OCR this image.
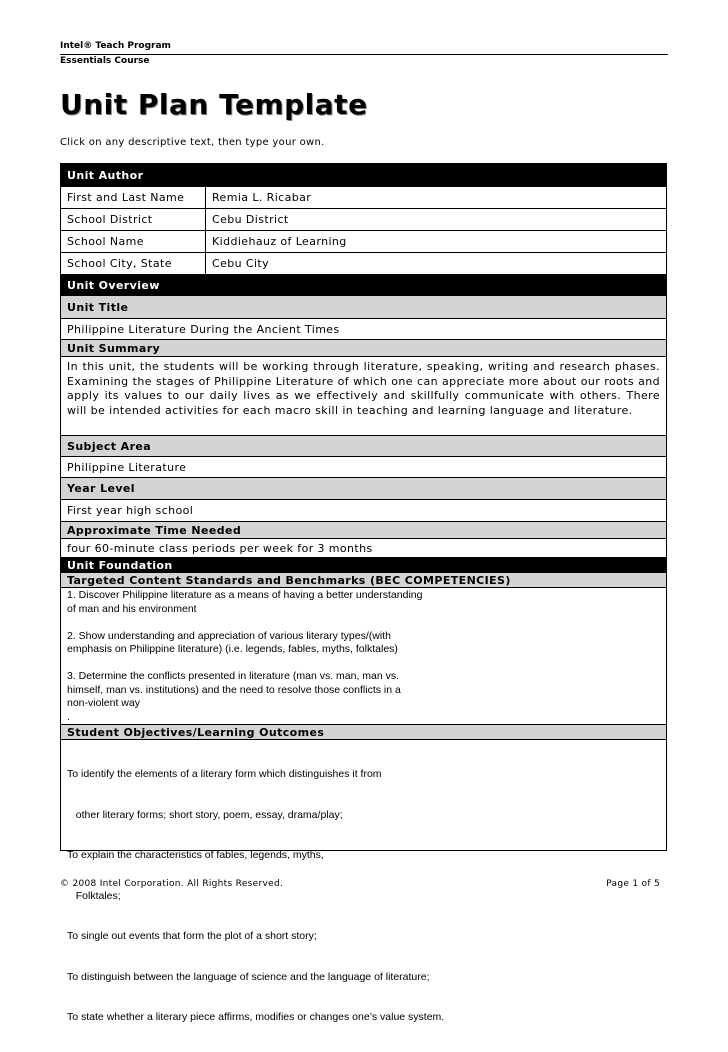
Intel® Teach Program
Essentials Course
Unit Plan Template
Click on any descriptive text, then type your own.
Unit Author
First and Last Name	Remia L. Ricabar
School District	Cebu District
School Name	Kiddiehauz of Learning
School City, State	Cebu City
Unit Overview
Unit Title
Philippine Literature During the Ancient Times
Unit Summary
In this unit, the students will be working through literature, speaking, writing and research phases. Examining the stages of Philippine Literature of which one can appreciate more about our roots and apply its values to our daily lives as we effectively and skillfully communicate with others. There will be intended activities for each macro skill in teaching and learning language and literature.
Subject Area
Philippine Literature
Year Level
First year high school
Approximate Time Needed
four 60-minute class periods per week for 3 months
Unit Foundation
Targeted Content Standards and Benchmarks (BEC COMPETENCIES)
1. Discover Philippine literature as a means of having a better understanding
of man and his environment
2. Show understanding and appreciation of various literary types/(with
emphasis on Philippine literature) (i.e. legends, fables, myths, folktales)
3. Determine the conflicts presented in literature (man vs. man, man vs.
himself, man vs. institutions) and the need to resolve those conflicts in a
non-violent way
.
Student Objectives/Learning Outcomes

To identify the elements of a literary form which distinguishes it from

other literary forms; short story, poem, essay, drama/play;

To explain the characteristics of fables, legends, myths,

Folktales;

To single out events that form the plot of a short story;

To distinguish between the language of science and the language of literature;

To state whether a literary piece affirms, modifies or changes one’s value system.

© 2008 Intel Corporation. All Rights Reserved.	Page 1 of 5
